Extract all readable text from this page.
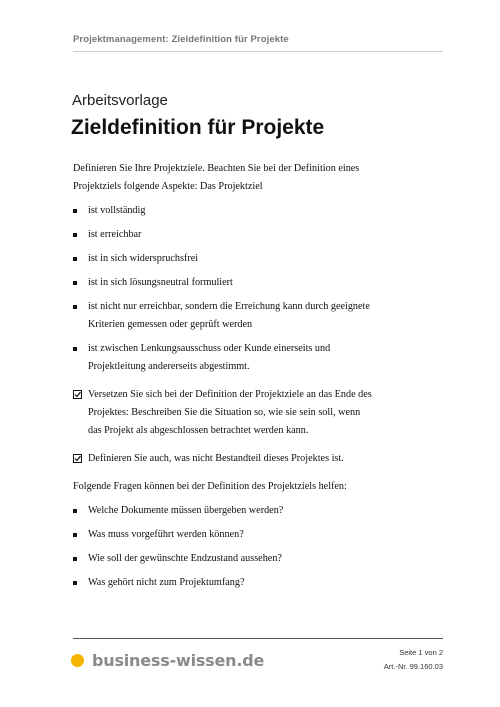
Projektmanagement: Zieldefinition für Projekte
Arbeitsvorlage
Zieldefinition für Projekte

Definieren Sie Ihre Projektziele. Beachten Sie bei der Definition eines Projektziels folgende Aspekte: Das Projektziel

ist vollständig
ist erreichbar
ist in sich widerspruchsfrei
ist in sich lösungsneutral formuliert
ist nicht nur erreichbar, sondern die Erreichung kann durch geeignete Kriterien gemessen oder geprüft werden
ist zwischen Lenkungsausschuss oder Kunde einerseits und Projektleitung andererseits abgestimmt.
Versetzen Sie sich bei der Definition der Projektziele an das Ende des Projektes: Beschreiben Sie die Situation so, wie sie sein soll, wenn das Projekt als abgeschlossen betrachtet werden kann.
Definieren Sie auch, was nicht Bestandteil dieses Projektes ist.

Folgende Fragen können bei der Definition des Projektziels helfen:

Welche Dokumente müssen übergeben werden?
Was muss vorgeführt werden können?
Wie soll der gewünschte Endzustand aussehen?
Was gehört nicht zum Projektumfang?
business-wissen.de	Seite 1 von 2
Art.-Nr. 99.160.03
